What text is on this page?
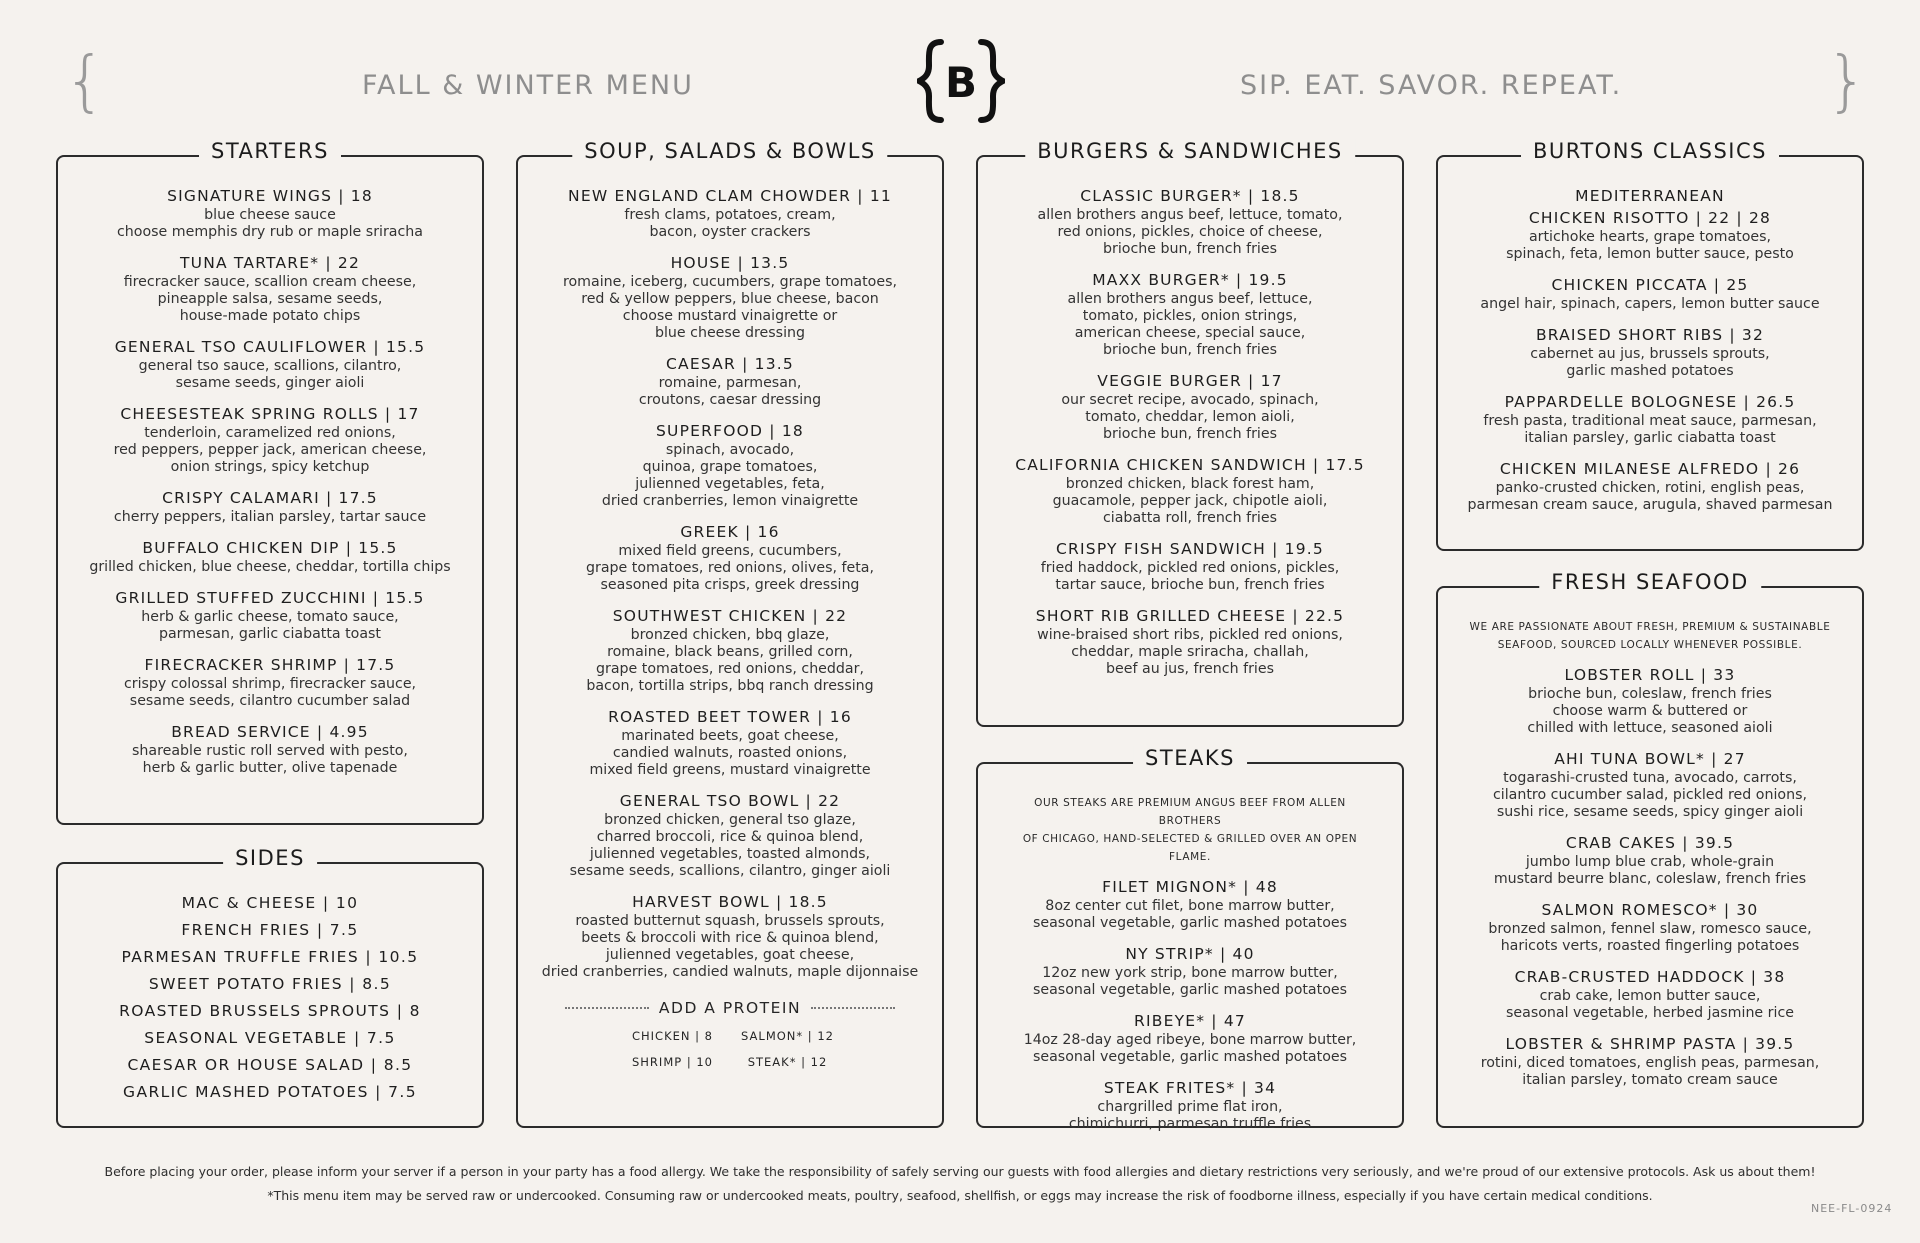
{	FALL & WINTER MENU	B	SIP. EAT. SAVOR. REPEAT.	}
STARTERS
SIGNATURE WINGS | 18
blue cheese sauce
choose memphis dry rub or maple sriracha
TUNA TARTARE* | 22
firecracker sauce, scallion cream cheese,
pineapple salsa, sesame seeds,
house-made potato chips
GENERAL TSO CAULIFLOWER | 15.5
general tso sauce, scallions, cilantro,
sesame seeds, ginger aioli
CHEESESTEAK SPRING ROLLS | 17
tenderloin, caramelized red onions,
red peppers, pepper jack, american cheese,
onion strings, spicy ketchup
CRISPY CALAMARI | 17.5
cherry peppers, italian parsley, tartar sauce
BUFFALO CHICKEN DIP | 15.5
grilled chicken, blue cheese, cheddar, tortilla chips
GRILLED STUFFED ZUCCHINI | 15.5
herb & garlic cheese, tomato sauce,
parmesan, garlic ciabatta toast
FIRECRACKER SHRIMP | 17.5
crispy colossal shrimp, firecracker sauce,
sesame seeds, cilantro cucumber salad
BREAD SERVICE | 4.95
shareable rustic roll served with pesto,
herb & garlic butter, olive tapenade
SIDES
MAC & CHEESE | 10
FRENCH FRIES | 7.5
PARMESAN TRUFFLE FRIES | 10.5
SWEET POTATO FRIES | 8.5
ROASTED BRUSSELS SPROUTS | 8
SEASONAL VEGETABLE | 7.5
CAESAR OR HOUSE SALAD | 8.5
GARLIC MASHED POTATOES | 7.5
SOUP, SALADS & BOWLS
NEW ENGLAND CLAM CHOWDER | 11
fresh clams, potatoes, cream,
bacon, oyster crackers
HOUSE | 13.5
romaine, iceberg, cucumbers, grape tomatoes,
red & yellow peppers, blue cheese, bacon
choose mustard vinaigrette or
blue cheese dressing
CAESAR | 13.5
romaine, parmesan,
croutons, caesar dressing
SUPERFOOD | 18
spinach, avocado,
quinoa, grape tomatoes,
julienned vegetables, feta,
dried cranberries, lemon vinaigrette
GREEK | 16
mixed field greens, cucumbers,
grape tomatoes, red onions, olives, feta,
seasoned pita crisps, greek dressing
SOUTHWEST CHICKEN | 22
bronzed chicken, bbq glaze,
romaine, black beans, grilled corn,
grape tomatoes, red onions, cheddar,
bacon, tortilla strips, bbq ranch dressing
ROASTED BEET TOWER | 16
marinated beets, goat cheese,
candied walnuts, roasted onions,
mixed field greens, mustard vinaigrette
GENERAL TSO BOWL | 22
bronzed chicken, general tso glaze,
charred broccoli, rice & quinoa blend,
julienned vegetables, toasted almonds,
sesame seeds, scallions, cilantro, ginger aioli
HARVEST BOWL | 18.5
roasted butternut squash, brussels sprouts,
beets & broccoli with rice & quinoa blend,
julienned vegetables, goat cheese,
dried cranberries, candied walnuts, maple dijonnaise
ADD A PROTEIN
CHICKEN | 8	SALMON* | 12
SHRIMP | 10	STEAK* | 12
BURGERS & SANDWICHES
CLASSIC BURGER* | 18.5
allen brothers angus beef, lettuce, tomato,
red onions, pickles, choice of cheese,
brioche bun, french fries
MAXX BURGER* | 19.5
allen brothers angus beef, lettuce,
tomato, pickles, onion strings,
american cheese, special sauce,
brioche bun, french fries
VEGGIE BURGER | 17
our secret recipe, avocado, spinach,
tomato, cheddar, lemon aioli,
brioche bun, french fries
CALIFORNIA CHICKEN SANDWICH | 17.5
bronzed chicken, black forest ham,
guacamole, pepper jack, chipotle aioli,
ciabatta roll, french fries
CRISPY FISH SANDWICH | 19.5
fried haddock, pickled red onions, pickles,
tartar sauce, brioche bun, french fries
SHORT RIB GRILLED CHEESE | 22.5
wine-braised short ribs, pickled red onions,
cheddar, maple sriracha, challah,
beef au jus, french fries
STEAKS
OUR STEAKS ARE PREMIUM ANGUS BEEF FROM ALLEN BROTHERS
OF CHICAGO, HAND-SELECTED & GRILLED OVER AN OPEN FLAME.
FILET MIGNON* | 48
8oz center cut filet, bone marrow butter,
seasonal vegetable, garlic mashed potatoes
NY STRIP* | 40
12oz new york strip, bone marrow butter,
seasonal vegetable, garlic mashed potatoes
RIBEYE* | 47
14oz 28-day aged ribeye, bone marrow butter,
seasonal vegetable, garlic mashed potatoes
STEAK FRITES* | 34
chargrilled prime flat iron,
chimichurri, parmesan truffle fries
BURTONS CLASSICS
MEDITERRANEAN
CHICKEN RISOTTO | 22 | 28
artichoke hearts, grape tomatoes,
spinach, feta, lemon butter sauce, pesto
CHICKEN PICCATA | 25
angel hair, spinach, capers, lemon butter sauce
BRAISED SHORT RIBS | 32
cabernet au jus, brussels sprouts,
garlic mashed potatoes
PAPPARDELLE BOLOGNESE | 26.5
fresh pasta, traditional meat sauce, parmesan,
italian parsley, garlic ciabatta toast
CHICKEN MILANESE ALFREDO | 26
panko-crusted chicken, rotini, english peas,
parmesan cream sauce, arugula, shaved parmesan
FRESH SEAFOOD
WE ARE PASSIONATE ABOUT FRESH, PREMIUM & SUSTAINABLE
SEAFOOD, SOURCED LOCALLY WHENEVER POSSIBLE.
LOBSTER ROLL | 33
brioche bun, coleslaw, french fries
choose warm & buttered or
chilled with lettuce, seasoned aioli
AHI TUNA BOWL* | 27
togarashi-crusted tuna, avocado, carrots,
cilantro cucumber salad, pickled red onions,
sushi rice, sesame seeds, spicy ginger aioli
CRAB CAKES | 39.5
jumbo lump blue crab, whole-grain
mustard beurre blanc, coleslaw, french fries
SALMON ROMESCO* | 30
bronzed salmon, fennel slaw, romesco sauce,
haricots verts, roasted fingerling potatoes
CRAB-CRUSTED HADDOCK | 38
crab cake, lemon butter sauce,
seasonal vegetable, herbed jasmine rice
LOBSTER & SHRIMP PASTA | 39.5
rotini, diced tomatoes, english peas, parmesan,
italian parsley, tomato cream sauce
Before placing your order, please inform your server if a person in your party has a food allergy. We take the responsibility of safely serving our guests with food allergies and dietary restrictions very seriously, and we're proud of our extensive protocols. Ask us about them!
*This menu item may be served raw or undercooked. Consuming raw or undercooked meats, poultry, seafood, shellfish, or eggs may increase the risk of foodborne illness, especially if you have certain medical conditions.
NEE-FL-0924
